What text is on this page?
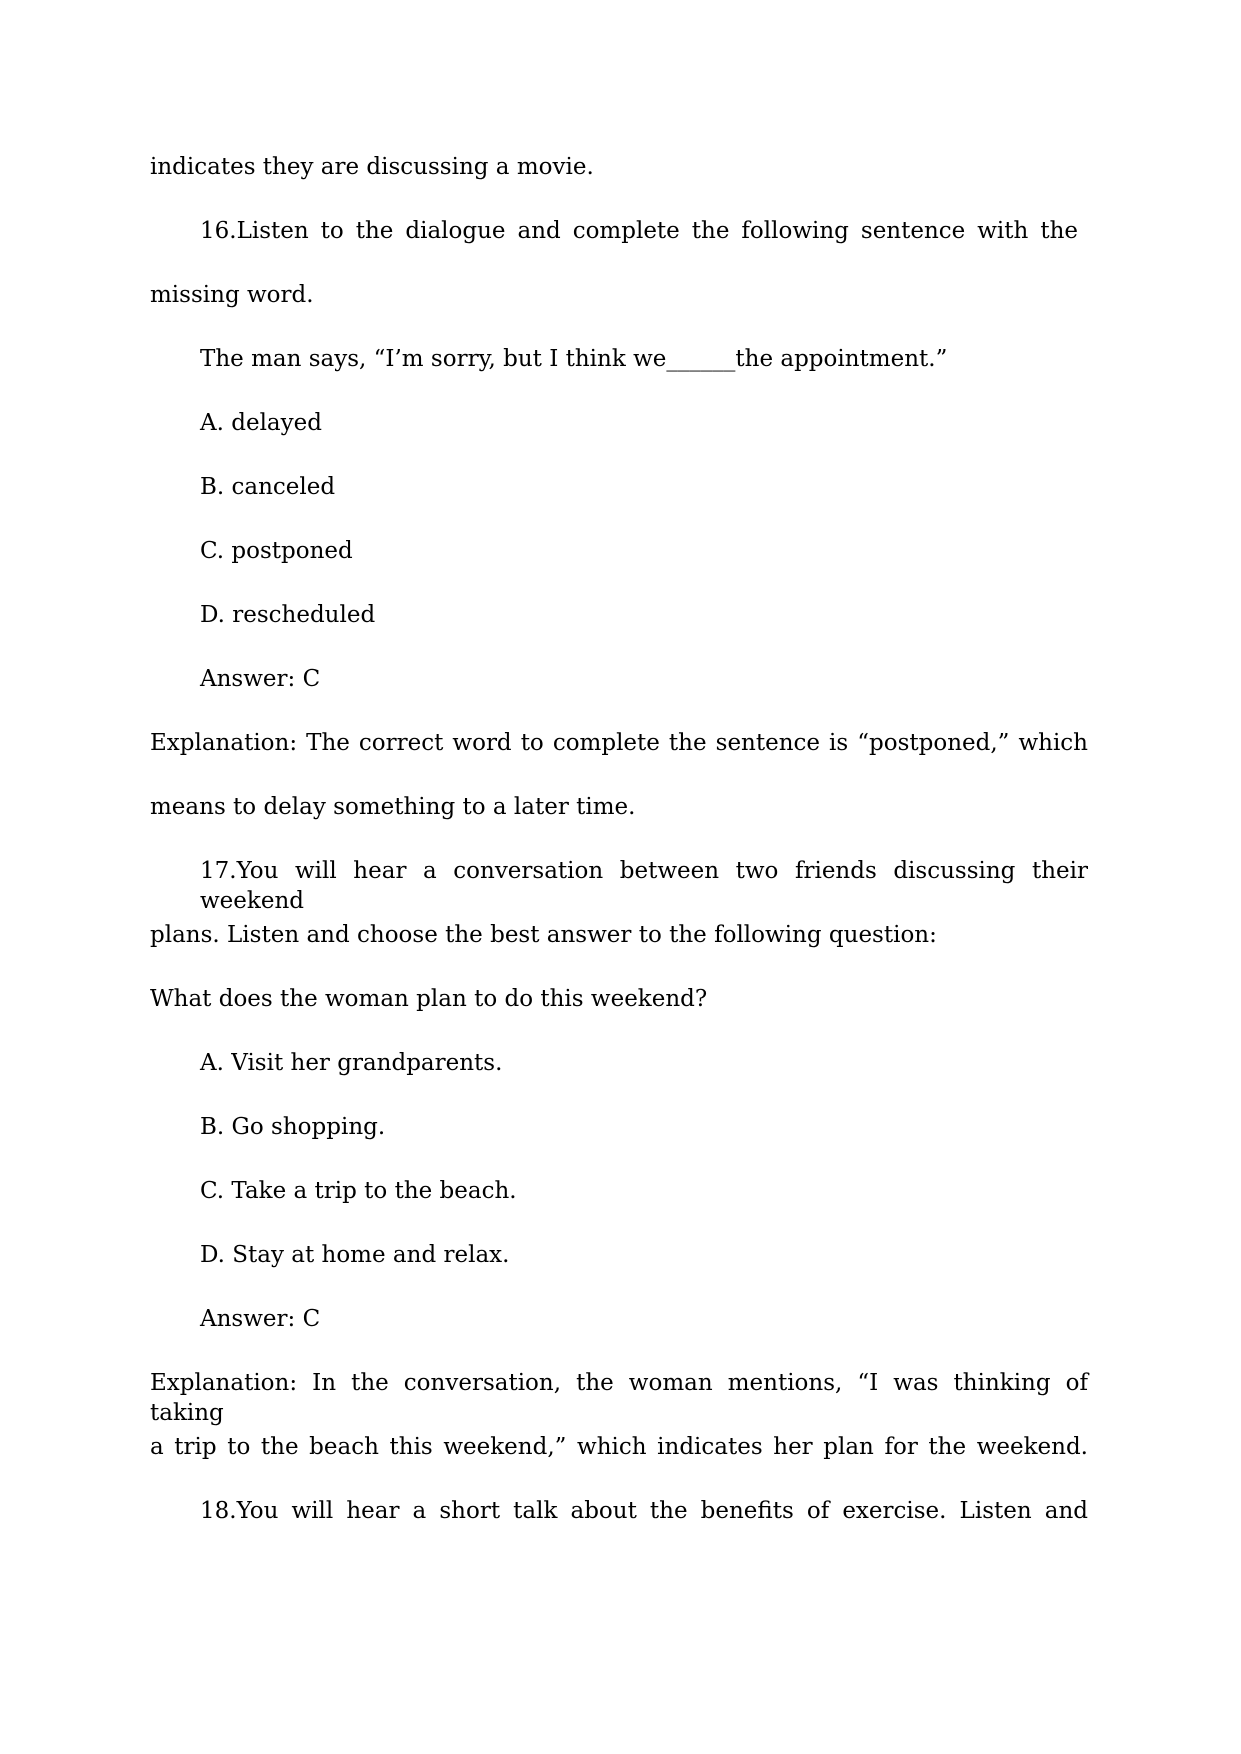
indicates they are discussing a movie.
16.Listen to the dialogue and complete the following sentence with the
missing word.
The man says, “I’m sorry, but I think we______the appointment.”
A. delayed
B. canceled
C. postponed
D. rescheduled
Answer: C
Explanation: The correct word to complete the sentence is “postponed,” which
means to delay something to a later time.
17.You will hear a conversation between two friends discussing their weekend
plans. Listen and choose the best answer to the following question:
What does the woman plan to do this weekend?
A. Visit her grandparents.
B. Go shopping.
C. Take a trip to the beach.
D. Stay at home and relax.
Answer: C
Explanation: In the conversation, the woman mentions, “I was thinking of taking
a trip to the beach this weekend,” which indicates her plan for the weekend.
18.You will hear a short talk about the benefits of exercise. Listen and
